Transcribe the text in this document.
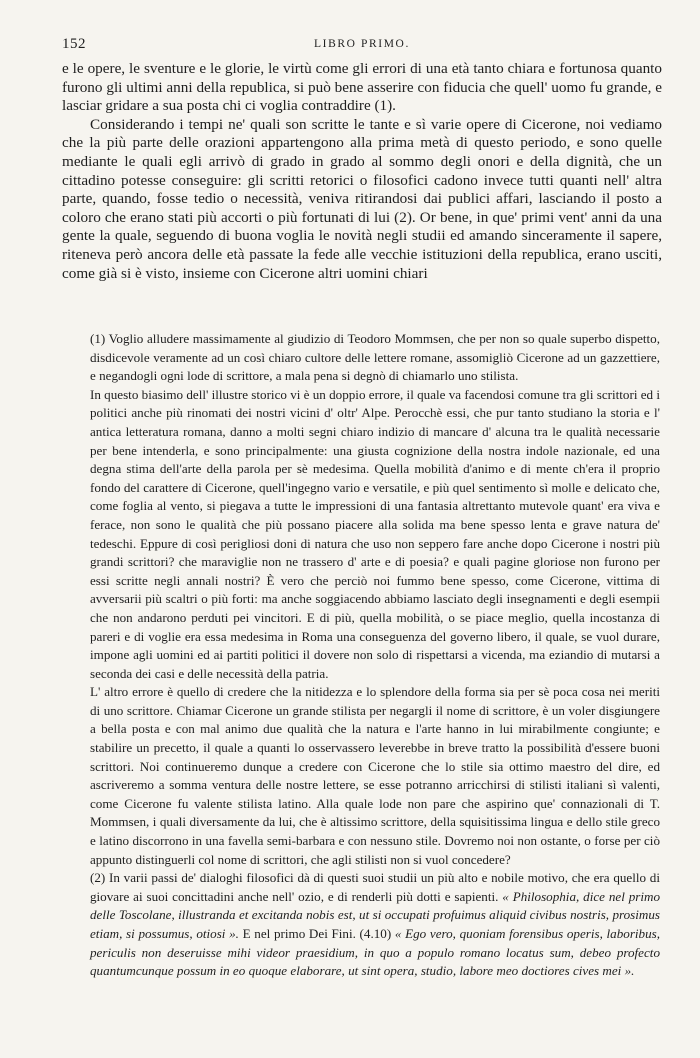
152	LIBRO PRIMO.

e le opere, le sventure e le glorie, le virtù come gli errori di una età tanto chiara e fortunosa quanto furono gli ultimi anni della republica, si può bene asserire con fiducia che quell' uomo fu grande, e lasciar gridare a sua posta chi ci voglia contraddire (1).

Considerando i tempi ne' quali son scritte le tante e sì varie opere di Cicerone, noi vediamo che la più parte delle orazioni appartengono alla prima metà di questo periodo, e sono quelle mediante le quali egli arrivò di grado in grado al sommo degli onori e della dignità, che un cittadino potesse conseguire: gli scritti retorici o filosofici cadono invece tutti quanti nell' altra parte, quando, fosse tedio o necessità, veniva ritirandosi dai publici affari, lasciando il posto a coloro che erano stati più accorti o più fortunati di lui (2). Or bene, in que' primi vent' anni da una gente la quale, seguendo di buona voglia le novità negli studii ed amando sinceramente il sapere, riteneva però ancora delle età passate la fede alle vecchie istituzioni della republica, erano usciti, come già si è visto, insieme con Cicerone altri uomini chiari

(1) Voglio alludere massimamente al giudizio di Teodoro Mommsen, che per non so quale superbo dispetto, disdicevole veramente ad un così chiaro cultore delle lettere romane, assomigliò Cicerone ad un gazzettiere, e negandogli ogni lode di scrittore, a mala pena si degnò di chiamarlo uno stilista.

In questo biasimo dell' illustre storico vi è un doppio errore, il quale va facendosi comune tra gli scrittori ed i politici anche più rinomati dei nostri vicini d' oltr' Alpe. Perocchè essi, che pur tanto studiano la storia e l' antica letteratura romana, danno a molti segni chiaro indizio di mancare d' alcuna tra le qualità necessarie per bene intenderla, e sono principalmente: una giusta cognizione della nostra indole nazionale, ed una degna stima dell'arte della parola per sè medesima. Quella mobilità d'animo e di mente ch'era il proprio fondo del carattere di Cicerone, quell'ingegno vario e versatile, e più quel sentimento sì molle e delicato che, come foglia al vento, si piegava a tutte le impressioni di una fantasia altrettanto mutevole quant' era viva e ferace, non sono le qualità che più possano piacere alla solida ma bene spesso lenta e grave natura de' tedeschi. Eppure di così perigliosi doni di natura che uso non seppero fare anche dopo Cicerone i nostri più grandi scrittori? che maraviglie non ne trassero d' arte e di poesia? e quali pagine gloriose non furono per essi scritte negli annali nostri? È vero che perciò noi fummo bene spesso, come Cicerone, vittima di avversarii più scaltri o più forti: ma anche soggiacendo abbiamo lasciato degli insegnamenti e degli esempii che non andarono perduti pei vincitori. E di più, quella mobilità, o se piace meglio, quella incostanza di pareri e di voglie era essa medesima in Roma una conseguenza del governo libero, il quale, se vuol durare, impone agli uomini ed ai partiti politici il dovere non solo di rispettarsi a vicenda, ma eziandio di mutarsi a seconda dei casi e delle necessità della patria.

L' altro errore è quello di credere che la nitidezza e lo splendore della forma sia per sè poca cosa nei meriti di uno scrittore. Chiamar Cicerone un grande stilista per negargli il nome di scrittore, è un voler disgiungere a bella posta e con mal animo due qualità che la natura e l'arte hanno in lui mirabilmente congiunte; e stabilire un precetto, il quale a quanti lo osservassero leverebbe in breve tratto la possibilità d'essere buoni scrittori. Noi continueremo dunque a credere con Cicerone che lo stile sia ottimo maestro del dire, ed ascriveremo a somma ventura delle nostre lettere, se esse potranno arricchirsi di stilisti italiani sì valenti, come Cicerone fu valente stilista latino. Alla quale lode non pare che aspirino que' connazionali di T. Mommsen, i quali diversamente da lui, che è altissimo scrittore, della squisitissima lingua e dello stile greco e latino discorrono in una favella semi-barbara e con nessuno stile. Dovremo noi non ostante, o forse per ciò appunto distinguerli col nome di scrittori, che agli stilisti non si vuol concedere?

(2) In varii passi de' dialoghi filosofici dà di questi suoi studii un più alto e nobile motivo, che era quello di giovare ai suoi concittadini anche nell' ozio, e di renderli più dotti e sapienti. « Philosophia, dice nel primo delle Toscolane, illustranda et excitanda nobis est, ut si occupati profuimus aliquid civibus nostris, prosimus etiam, si possumus, otiosi ». E nel primo Dei Fini. (4.10) « Ego vero, quoniam forensibus operis, laboribus, periculis non deseruisse mihi videor praesidium, in quo a populo romano locatus sum, debeo profecto quantumcunque possum in eo quoque elaborare, ut sint opera, studio, labore meo doctiores cives mei ».
